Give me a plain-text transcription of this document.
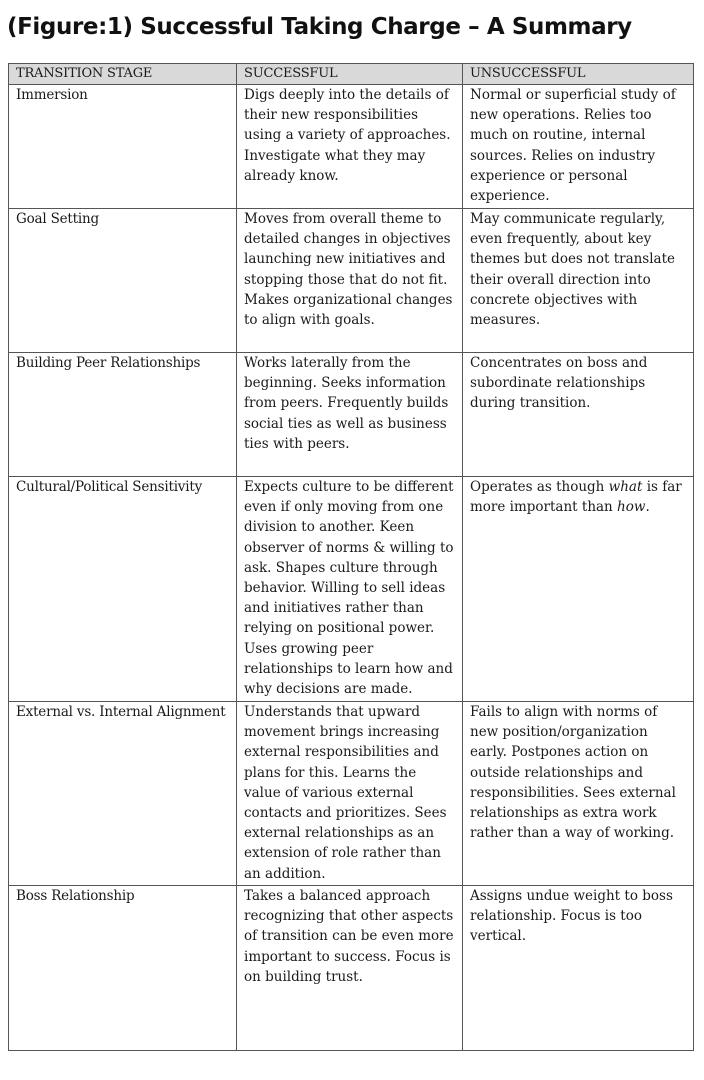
(Figure:1) Successful Taking Charge – A Summary
TRANSITION STAGE	SUCCESSFUL	UNSUCCESSFUL
Immersion	Digs deeply into the details of their new responsibilities using a variety of approaches. Investigate what they may already know.	Normal or superficial study of new operations. Relies too much on routine, internal sources. Relies on industry experience or personal experience.
Goal Setting	Moves from overall theme to detailed changes in objectives launching new initiatives and stopping those that do not fit. Makes organizational changes to align with goals.	May communicate regularly, even frequently, about key themes but does not translate their overall direction into concrete objectives with measures.
Building Peer Relationships	Works laterally from the beginning. Seeks information from peers. Frequently builds social ties as well as business ties with peers.	Concentrates on boss and subordinate relationships during transition.
Cultural/Political Sensitivity	Expects culture to be different even if only moving from one division to another. Keen observer of norms & willing to ask. Shapes culture through behavior. Willing to sell ideas and initiatives rather than relying on positional power. Uses growing peer relationships to learn how and why decisions are made.	Operates as though what is far more important than how.
External vs. Internal Alignment	Understands that upward movement brings increasing external responsibilities and plans for this. Learns the value of various external contacts and prioritizes. Sees external relationships as an extension of role rather than an addition.	Fails to align with norms of new position/organization early. Postpones action on outside relationships and responsibilities. Sees external relationships as extra work rather than a way of working.
Boss Relationship	Takes a balanced approach recognizing that other aspects of transition can be even more important to success. Focus is on building trust.	Assigns undue weight to boss relationship. Focus is too vertical.
